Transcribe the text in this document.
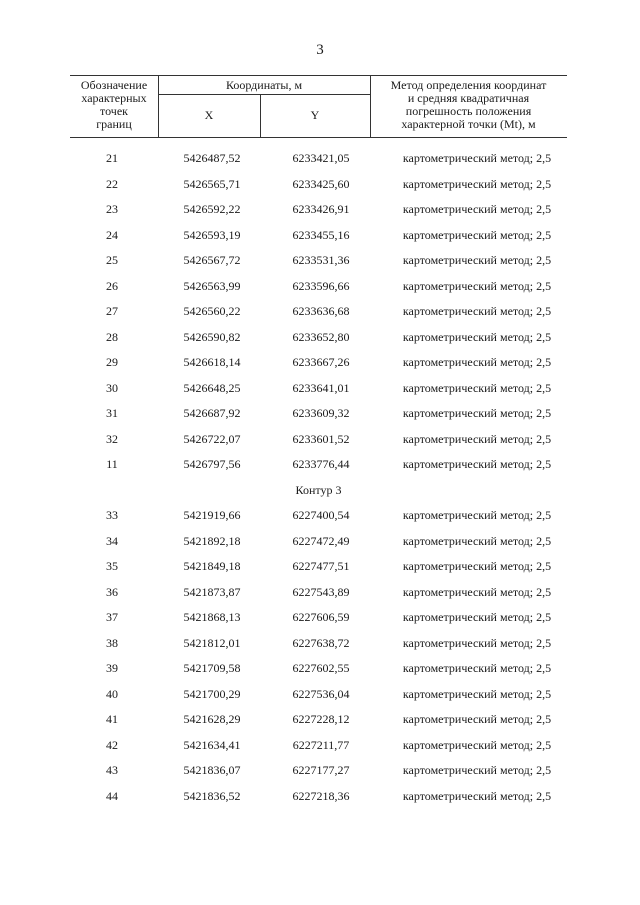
3
Обозначение
характерных
точек
границ
Координаты, м
X	Y
Метод определения координат
и средняя квадратичная
погрешность положения
характерной точки (Mt), м
21	5426487,52	6233421,05	картометрический метод; 2,5
22	5426565,71	6233425,60	картометрический метод; 2,5
23	5426592,22	6233426,91	картометрический метод; 2,5
24	5426593,19	6233455,16	картометрический метод; 2,5
25	5426567,72	6233531,36	картометрический метод; 2,5
26	5426563,99	6233596,66	картометрический метод; 2,5
27	5426560,22	6233636,68	картометрический метод; 2,5
28	5426590,82	6233652,80	картометрический метод; 2,5
29	5426618,14	6233667,26	картометрический метод; 2,5
30	5426648,25	6233641,01	картометрический метод; 2,5
31	5426687,92	6233609,32	картометрический метод; 2,5
32	5426722,07	6233601,52	картометрический метод; 2,5
11	5426797,56	6233776,44	картометрический метод; 2,5
Контур 3
33	5421919,66	6227400,54	картометрический метод; 2,5
34	5421892,18	6227472,49	картометрический метод; 2,5
35	5421849,18	6227477,51	картометрический метод; 2,5
36	5421873,87	6227543,89	картометрический метод; 2,5
37	5421868,13	6227606,59	картометрический метод; 2,5
38	5421812,01	6227638,72	картометрический метод; 2,5
39	5421709,58	6227602,55	картометрический метод; 2,5
40	5421700,29	6227536,04	картометрический метод; 2,5
41	5421628,29	6227228,12	картометрический метод; 2,5
42	5421634,41	6227211,77	картометрический метод; 2,5
43	5421836,07	6227177,27	картометрический метод; 2,5
44	5421836,52	6227218,36	картометрический метод; 2,5
